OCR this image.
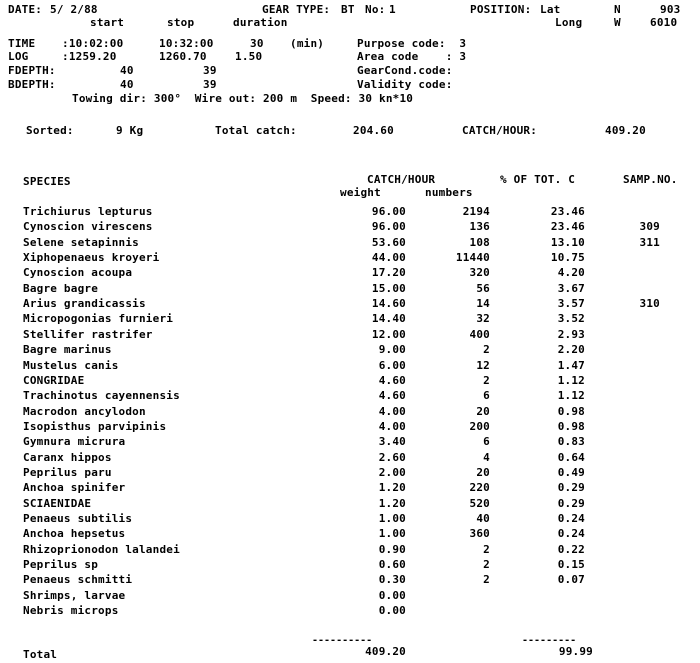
DATE: 5/ 2/88	GEAR TYPE: BT No: 1	POSITION: Lat	N	903
start	stop	duration	Long	W	6010
TIME :10:02:00	10:32:00	30 (min)	Purpose code:  3
LOG	:1259.20	1260.70	1.50	Area code    : 3
FDEPTH:	40	39	GearCond.code:
BDEPTH:	40	39	Validity code:
Towing dir: 300°  Wire out: 200 m  Speed: 30 kn*10
Sorted:	9 Kg	Total catch:	204.60	CATCH/HOUR:	409.20
SPECIES	CATCH/HOUR	% OF TOT. C	SAMP.NO.
weight	numbers
Trichiurus lepturus	96.00	2194	23.46
Cynoscion virescens	96.00	136	23.46	309
Selene setapinnis	53.60	108	13.10	311
Xiphopenaeus kroyeri	44.00	11440	10.75
Cynoscion acoupa	17.20	320	4.20
Bagre bagre	15.00	56	3.67
Arius grandicassis	14.60	14	3.57	310
Micropogonias furnieri	14.40	32	3.52
Stellifer rastrifer	12.00	400	2.93
Bagre marinus	9.00	2	2.20
Mustelus canis	6.00	12	1.47
CONGRIDAE	4.60	2	1.12
Trachinotus cayennensis	4.60	6	1.12
Macrodon ancylodon	4.00	20	0.98
Isopisthus parvipinis	4.00	200	0.98
Gymnura micrura	3.40	6	0.83
Caranx hippos	2.60	4	0.64
Peprilus paru	2.00	20	0.49
Anchoa spinifer	1.20	220	0.29
SCIAENIDAE	1.20	520	0.29
Penaeus subtilis	1.00	40	0.24
Anchoa hepsetus	1.00	360	0.24
Rhizoprionodon lalandei	0.90	2	0.22
Peprilus sp	0.60	2	0.15
Penaeus schmitti	0.30	2	0.07
Shrimps, larvae	0.00
Nebris microps	0.00
----------	---------
Total	409.20	99.99
